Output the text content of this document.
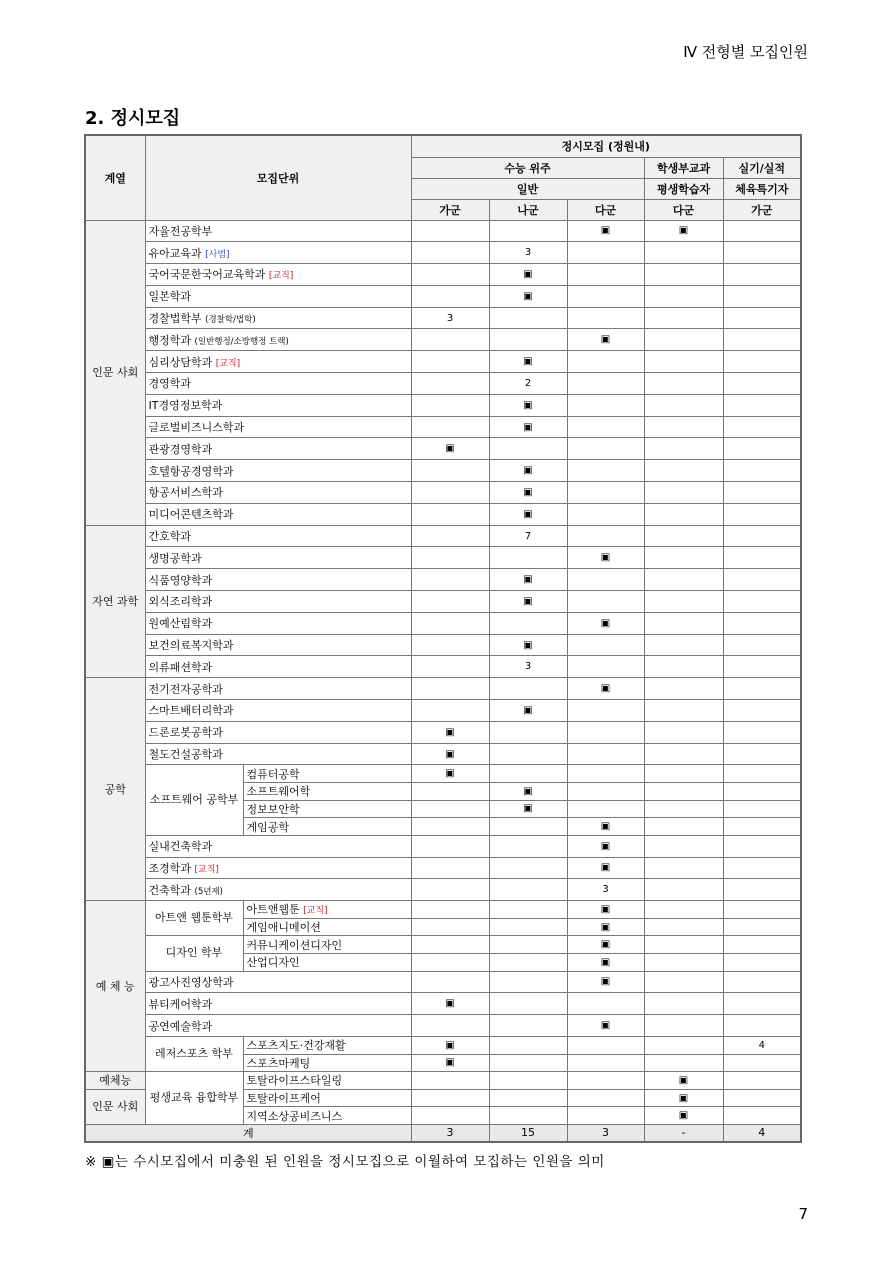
Ⅳ 전형별 모집인원
2. 정시모집
계열	모집단위		정시모집 (정원내)				
			수능 위주			학생부교과	실기/실적
			일반			평생학습자	체육특기자
			가군	나군	다군	다군	가군
인문 사회	자율전공학부				▣	▣	
	유아교육과 [사범]			3			
	국어국문한국어교육학과 [교직]			▣			
	일본학과			▣			
	경찰법학부 (경찰학/법학)		3				
	행정학과 (일반행정/소방행정 트랙)				▣		
	심리상담학과 [교직]			▣			
	경영학과			2			
	IT경영정보학과			▣			
	글로벌비즈니스학과			▣			
	관광경영학과		▣				
	호텔항공경영학과			▣			
	항공서비스학과			▣			
	미디어콘텐츠학과			▣			
자연 과학	간호학과			7			
	생명공학과				▣		
	식품영양학과			▣			
	외식조리학과			▣			
	원예산림학과				▣		
	보건의료복지학과			▣			
	의류패션학과			3			
공학	전기전자공학과				▣		
	스마트배터리학과			▣			
	드론로봇공학과		▣				
	철도건설공학과		▣				
	소프트웨어 공학부	컴퓨터공학	▣				
		소프트웨어학		▣			
		정보보안학		▣			
		게임공학			▣		
	실내건축학과				▣		
	조경학과 [교직]				▣		
	건축학과 (5년제)				3		
예 체 능	아트앤 웹툰학부	아트앤웹툰 [교직]			▣		
		게임애니메이션			▣		
	디자인 학부	커뮤니케이션디자인			▣		
		산업디자인			▣		
	광고사진영상학과				▣		
	뷰티케어학과		▣				
	공연예술학과				▣		
	레저스포츠 학부	스포츠지도·건강재활	▣				4
		스포츠마케팅	▣				
예체능	평생교육 융합학부	토탈라이프스타일링				▣	
인문 사회		토탈라이프케어				▣	
		지역소상공비즈니스				▣	
계			3	15	3	-	4
※ ▣는 수시모집에서 미충원 된 인원을 정시모집으로 이월하여 모집하는 인원을 의미
7
